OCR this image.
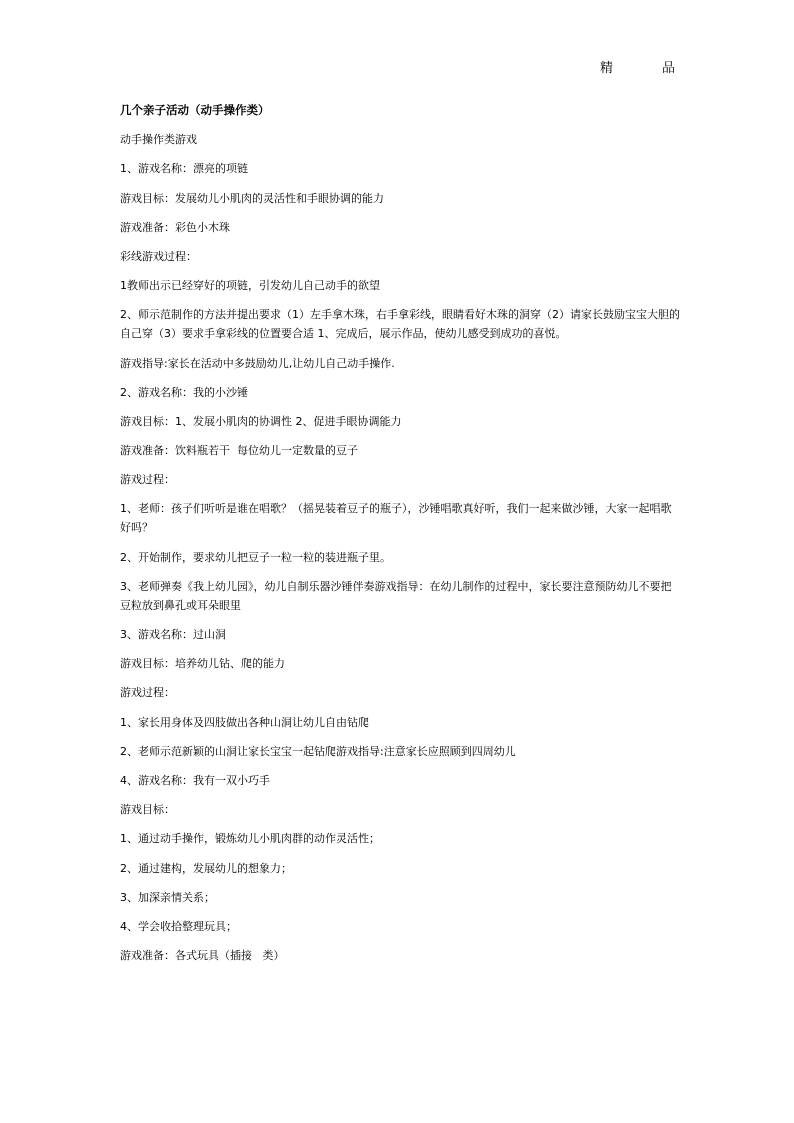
精	品
几个亲子活动（动手操作类）
动手操作类游戏
1、游戏名称：漂亮的项链
游戏目标：发展幼儿小肌肉的灵活性和手眼协调的能力
游戏准备：彩色小木珠
彩线游戏过程：
1教师出示已经穿好的项链，引发幼儿自己动手的欲望
2、师示范制作的方法并提出要求（1）左手拿木珠，右手拿彩线，眼睛看好木珠的洞穿（2）请家长鼓励宝宝大胆的自己穿（3）要求手拿彩线的位置要合适 1、完成后，展示作品，使幼儿感受到成功的喜悦。
游戏指导:家长在活动中多鼓励幼儿,让幼儿自己动手操作.
2、游戏名称：我的小沙锤
游戏目标：1、发展小肌肉的协调性 2、促进手眼协调能力
游戏准备：饮料瓶若干  每位幼儿一定数量的豆子
游戏过程：
1、老师：孩子们听听是谁在唱歌？（摇晃装着豆子的瓶子），沙锤唱歌真好听，我们一起来做沙锤，大家一起唱歌好吗？
2、开始制作，要求幼儿把豆子一粒一粒的装进瓶子里。
3、老师弹奏《我上幼儿园》，幼儿自制乐器沙锤伴奏游戏指导：在幼儿制作的过程中，家长要注意预防幼儿不要把豆粒放到鼻孔或耳朵眼里
3、游戏名称：过山洞
游戏目标：培养幼儿钻、爬的能力
游戏过程：
1、家长用身体及四肢做出各种山洞让幼儿自由钻爬
2、老师示范新颖的山洞让家长宝宝一起钻爬游戏指导:注意家长应照顾到四周幼儿
4、游戏名称：我有一双小巧手
游戏目标：
1、通过动手操作，锻炼幼儿小肌肉群的动作灵活性；
2、通过建构，发展幼儿的想象力；
3、加深亲情关系；
4、学会收拾整理玩具；
游戏准备：各式玩具（插接   类）
